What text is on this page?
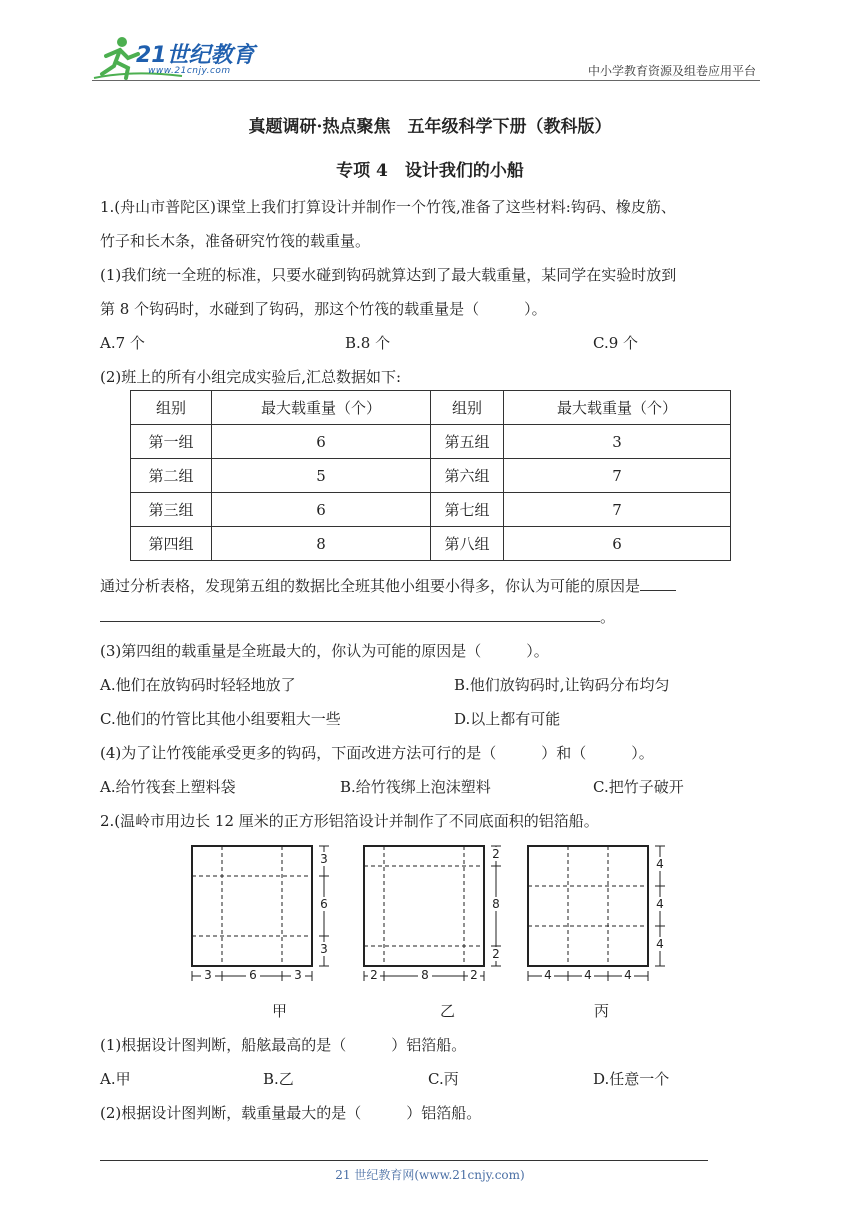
21世纪教育
www.21cnjy.com	中小学教育资源及组卷应用平台
真题调研·热点聚焦　五年级科学下册（教科版）
专项 4　设计我们的小船
1.(舟山市普陀区)课堂上我们打算设计并制作一个竹筏,准备了这些材料:钩码、橡皮筋、
竹子和长木条，准备研究竹筏的载重量。
(1)我们统一全班的标准，只要水碰到钩码就算达到了最大载重量，某同学在实验时放到
第 8 个钩码时，水碰到了钩码，那这个竹筏的载重量是（　　　）。
A.7 个	B.8 个	C.9 个
(2)班上的所有小组完成实验后,汇总数据如下:
组别	最大载重量（个）	组别	最大载重量（个）
第一组	6	第五组	3
第二组	5	第六组	7
第三组	6	第七组	7
第四组	8	第八组	6
通过分析表格，发现第五组的数据比全班其他小组要小得多，你认为可能的原因是
。
(3)第四组的载重量是全班最大的，你认为可能的原因是（　　　）。
A.他们在放钩码时轻轻地放了	B.他们放钩码时,让钩码分布均匀
C.他们的竹管比其他小组要粗大一些	D.以上都有可能
(4)为了让竹筏能承受更多的钩码，下面改进方法可行的是（　　　）和（　　　）。
A.给竹筏套上塑料袋	B.给竹筏绑上泡沫塑料	C.把竹子破开
2.(温岭市用边长 12 厘米的正方形铝箔设计并制作了不同底面积的铝箔船。
3
6
3
3	6	3
2
8
2
2	8	2
4
4
4
4	4	4
甲	乙	丙
(1)根据设计图判断，船舷最高的是（　　　）铝箔船。
A.甲	B.乙	C.丙	D.任意一个
(2)根据设计图判断，载重量最大的是（　　　）铝箔船。
21 世纪教育网(www.21cnjy.com)
